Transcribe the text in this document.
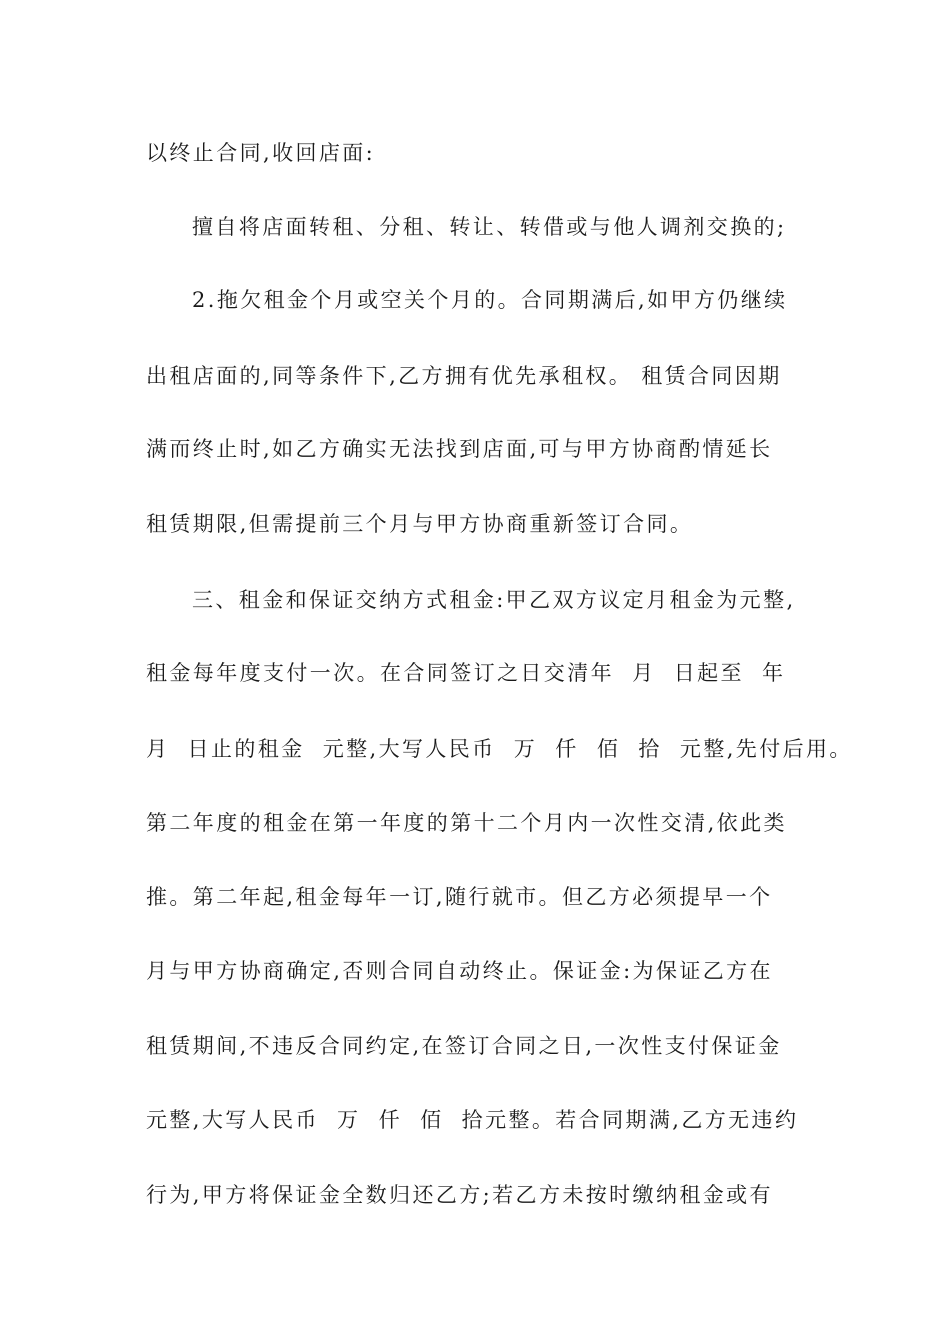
以终止合同,收回店面:
擅自将店面转租、分租、转让、转借或与他人调剂交换的;
2.拖欠租金个月或空关个月的。合同期满后,如甲方仍继续
出租店面的,同等条件下,乙方拥有优先承租权。 租赁合同因期
满而终止时,如乙方确实无法找到店面,可与甲方协商酌情延长
租赁期限,但需提前三个月与甲方协商重新签订合同。
三、租金和保证交纳方式租金:甲乙双方议定月租金为元整,
租金每年度支付一次。在合同签订之日交清年  月  日起至  年
月  日止的租金  元整,大写人民币  万  仟  佰  拾  元整,先付后用。
第二年度的租金在第一年度的第十二个月内一次性交清,依此类
推。第二年起,租金每年一订,随行就市。但乙方必须提早一个
月与甲方协商确定,否则合同自动终止。保证金:为保证乙方在
租赁期间,不违反合同约定,在签订合同之日,一次性支付保证金
元整,大写人民币  万  仟  佰  拾元整。若合同期满,乙方无违约
行为,甲方将保证金全数归还乙方;若乙方未按时缴纳租金或有
